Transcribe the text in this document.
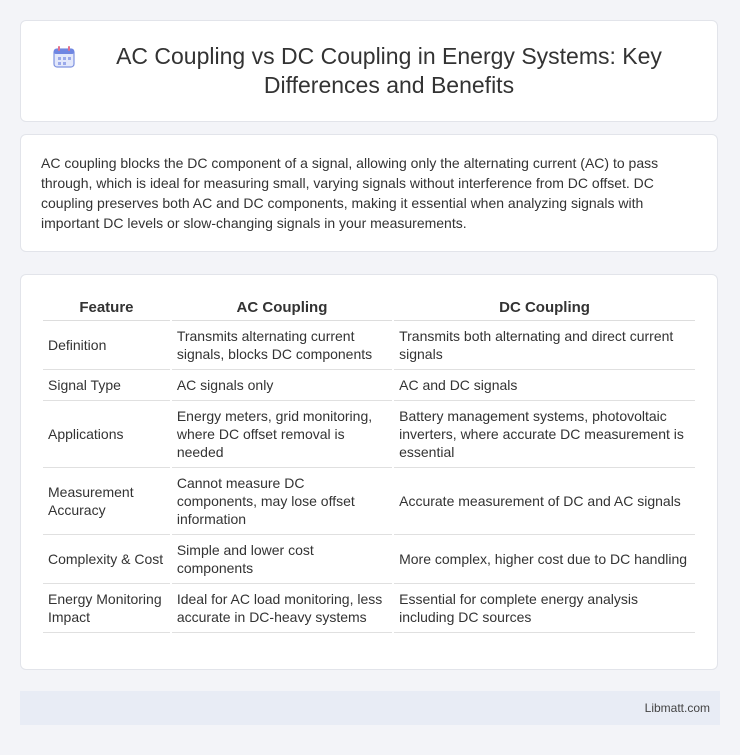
AC Coupling vs DC Coupling in Energy Systems: Key Differences and Benefits

AC coupling blocks the DC component of a signal, allowing only the alternating current (AC) to pass through, which is ideal for measuring small, varying signals without interference from DC offset. DC coupling preserves both AC and DC components, making it essential when analyzing signals with important DC levels or slow-changing signals in your measurements.

Feature	AC Coupling	DC Coupling
Definition	Transmits alternating current signals, blocks DC components	Transmits both alternating and direct current signals
Signal Type	AC signals only	AC and DC signals
Applications	Energy meters, grid monitoring, where DC offset removal is needed	Battery management systems, photovoltaic inverters, where accurate DC measurement is essential
Measurement Accuracy	Cannot measure DC components, may lose offset information	Accurate measurement of DC and AC signals
Complexity & Cost	Simple and lower cost components	More complex, higher cost due to DC handling
Energy Monitoring Impact	Ideal for AC load monitoring, less accurate in DC-heavy systems	Essential for complete energy analysis including DC sources
Libmatt.com
